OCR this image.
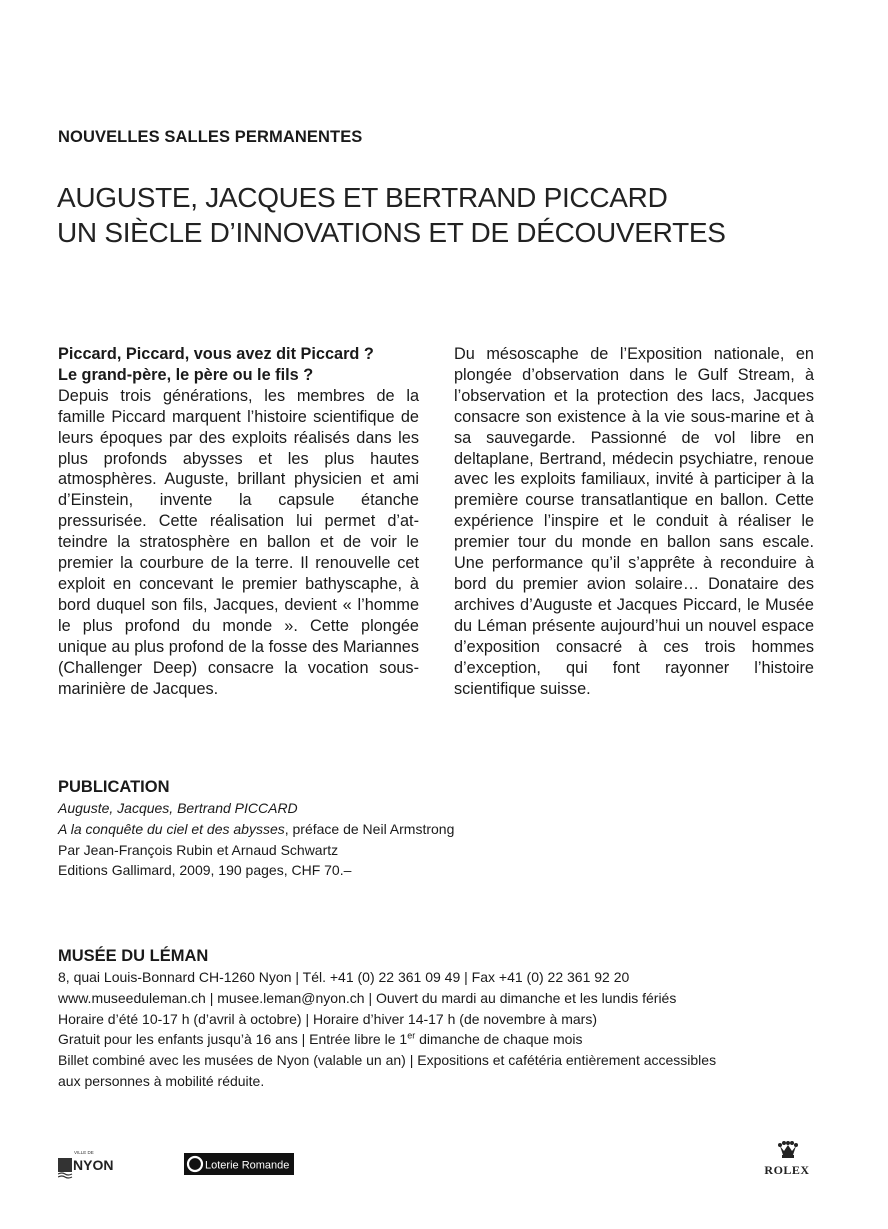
NOUVELLES SALLES PERMANENTES
AUGUSTE, JACQUES ET BERTRAND PICCARD
UN SIÈCLE D’INNOVATIONS ET DE DÉCOUVERTES
Piccard, Piccard, vous avez dit Piccard ?
Le grand-père, le père ou le fils ?
Depuis trois générations, les membres de la famille Piccard marquent l’histoire scientifique de leurs époques par des exploits réalisés dans les plus profonds abysses et les plus hautes atmosphères. Auguste, brillant physicien et ami d’Einstein, invente la capsule étanche pressurisée. Cette réalisation lui permet d’atteindre la stratosphère en ballon et de voir le premier la courbure de la terre. Il renouvelle cet exploit en concevant le premier bathyscaphe, à bord duquel son fils, Jacques, devient « l’homme le plus profond du monde ». Cette plongée unique au plus profond de la fosse des Mariannes (Challenger Deep) consacre la vocation sous-marinière de Jacques.
Du mésoscaphe de l’Exposition nationale, en plongée d’observation dans le Gulf Stream, à l’observation et la protection des lacs, Jacques consacre son existence à la vie sous-marine et à sa sauvegarde. Passionné de vol libre en deltaplane, Bertrand, médecin psychiatre, renoue avec les exploits familiaux, invité à participer à la première course transatlantique en ballon. Cette expérience l’inspire et le conduit à réaliser le premier tour du monde en ballon sans escale. Une performance qu’il s’apprête à reconduire à bord du premier avion solaire… Donataire des archives d’Auguste et Jacques Piccard, le Musée du Léman présente aujourd’hui un nouvel espace d’exposition consacré à ces trois hommes d’exception, qui font rayonner l’histoire scientifique suisse.
PUBLICATION
Auguste, Jacques, Bertrand PICCARD
A la conquête du ciel et des abysses, préface de Neil Armstrong
Par Jean-François Rubin et Arnaud Schwartz
Editions Gallimard, 2009, 190 pages, CHF 70.–
MUSÉE DU LÉMAN
8, quai Louis-Bonnard CH-1260 Nyon | Tél. +41 (0) 22 361 09 49 | Fax +41 (0) 22 361 92 20
www.museeduleman.ch | musee.leman@nyon.ch | Ouvert du mardi au dimanche et les lundis fériés
Horaire d’été 10-17 h (d’avril à octobre) | Horaire d’hiver 14-17 h (de novembre à mars)
Gratuit pour les enfants jusqu’à 16 ans | Entrée libre le 1er dimanche de chaque mois
Billet combiné avec les musées de Nyon (valable un an) | Expositions et cafétéria entièrement accessibles
aux personnes à mobilité réduite.
VILLE DE
NYON	Loterie Romande	ROLEX
